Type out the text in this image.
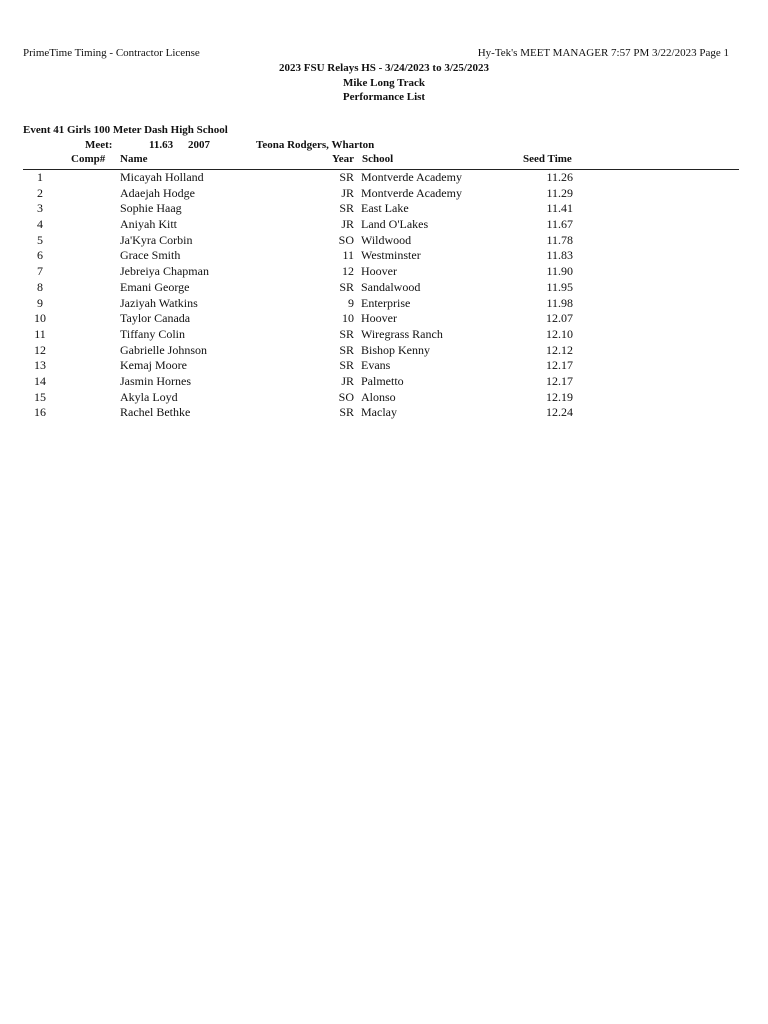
PrimeTime Timing - Contractor License	Hy-Tek's MEET MANAGER 7:57 PM 3/22/2023 Page 1
2023 FSU Relays HS - 3/24/2023 to 3/25/2023
Mike Long Track
Performance List
Event 41 Girls 100 Meter Dash High School
Meet:	11.63 2007	Teona Rodgers, Wharton
Comp# Name	Year School	Seed Time
1	Micayah Holland	SR Montverde Academy	11.26
2	Adaejah Hodge	JR Montverde Academy	11.29
3	Sophie Haag	SR East Lake	11.41
4	Aniyah Kitt	JR Land O'Lakes	11.67
5	Ja'Kyra Corbin	SO Wildwood	11.78
6	Grace Smith	11 Westminster	11.83
7	Jebreiya Chapman	12 Hoover	11.90
8	Emani George	SR Sandalwood	11.95
9	Jaziyah Watkins	9 Enterprise	11.98
10	Taylor Canada	10 Hoover	12.07
11	Tiffany Colin	SR Wiregrass Ranch	12.10
12	Gabrielle Johnson	SR Bishop Kenny	12.12
13	Kemaj Moore	SR Evans	12.17
14	Jasmin Hornes	JR Palmetto	12.17
15	Akyla Loyd	SO Alonso	12.19
16	Rachel Bethke	SR Maclay	12.24
